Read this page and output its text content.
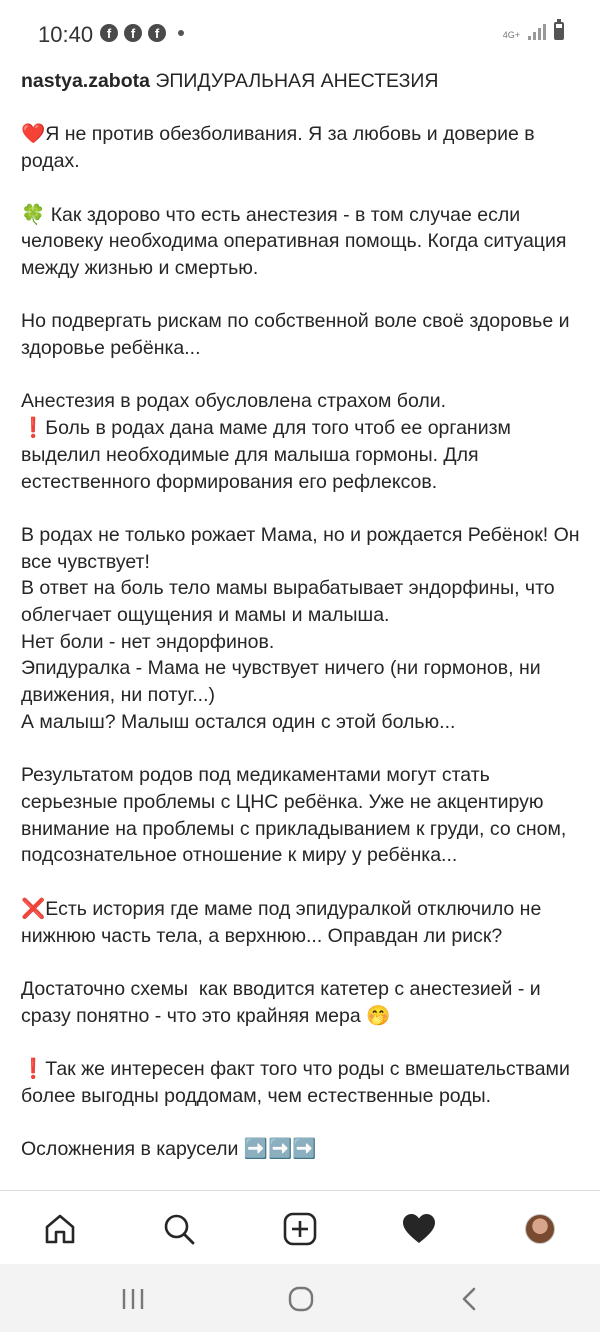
10:40	f	f	f	4G+
nastya.zabota ЭПИДУРАЛЬНАЯ АНЕСТЕЗИЯ

❤️Я не против обезболивания. Я за любовь и доверие в родах.

🍀 Как здорово что есть анестезия - в том случае если человеку необходима оперативная помощь. Когда ситуация между жизнью и смертью.

Но подвергать рискам по собственной воле своё здоровье и здоровье ребёнка...

Анестезия в родах обусловлена страхом боли.
❗Боль в родах дана маме для того чтоб ее организм выделил необходимые для малыша гормоны. Для естественного формирования его рефлексов.

В родах не только рожает Мама, но и рождается Ребёнок! Он все чувствует!
В ответ на боль тело мамы вырабатывает эндорфины, что облегчает ощущения и мамы и малыша.
Нет боли - нет эндорфинов.
Эпидуралка - Мама не чувствует ничего (ни гормонов, ни движения, ни потуг...)
А малыш? Малыш остался один с этой болью...

Результатом родов под медикаментами могут стать серьезные проблемы с ЦНС ребёнка. Уже не акцентирую внимание на проблемы с прикладыванием к груди, со сном, подсознательное отношение к миру у ребёнка...

❌Есть история где маме под эпидуралкой отключило не нижнюю часть тела, а верхнюю... Оправдан ли риск?

Достаточно схемы  как вводится катетер с анестезией - и сразу понятно - что это крайняя мера 🤭

❗Так же интересен факт того что роды с вмешательствами более выгодны роддомам, чем естественные роды.

Осложнения в карусели ➡️➡️➡️
